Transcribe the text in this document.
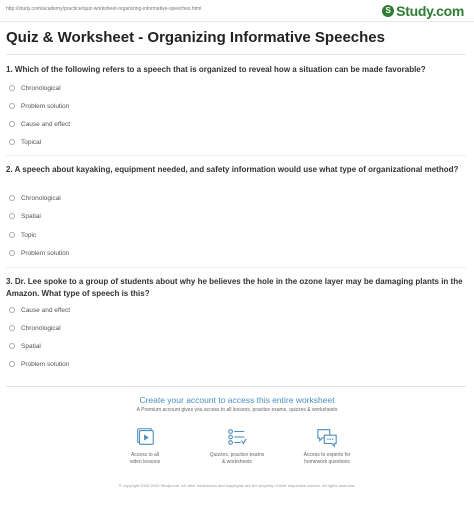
http://study.com/academy/practice/quiz-worksheet-organizing-informative-speeches.html	S Study.com
Quiz & Worksheet - Organizing Informative Speeches
1. Which of the following refers to a speech that is organized to reveal how a situation can be made favorable?
Chronological
Problem solution
Cause and effect
Topical
2. A speech about kayaking, equipment needed, and safety information would use what type of organizational method?
Chronological
Spatial
Topic
Problem solution
3. Dr. Lee spoke to a group of students about why he believes the hole in the ozone layer may be damaging plants in the Amazon. What type of speech is this?
Cause and effect
Chronological
Spatial
Problem solution
Create your account to access this entire worksheet
A Premium account gives you access to all lessons, practice exams, quizzes & worksheets
Access to all
video lessons
Quizzes, practice exams
& worksheets
Access to experts for
homework questions
© copyright 2003-2020 Study.com. All other trademarks and copyrights are the property of their respective owners. All rights reserved.
